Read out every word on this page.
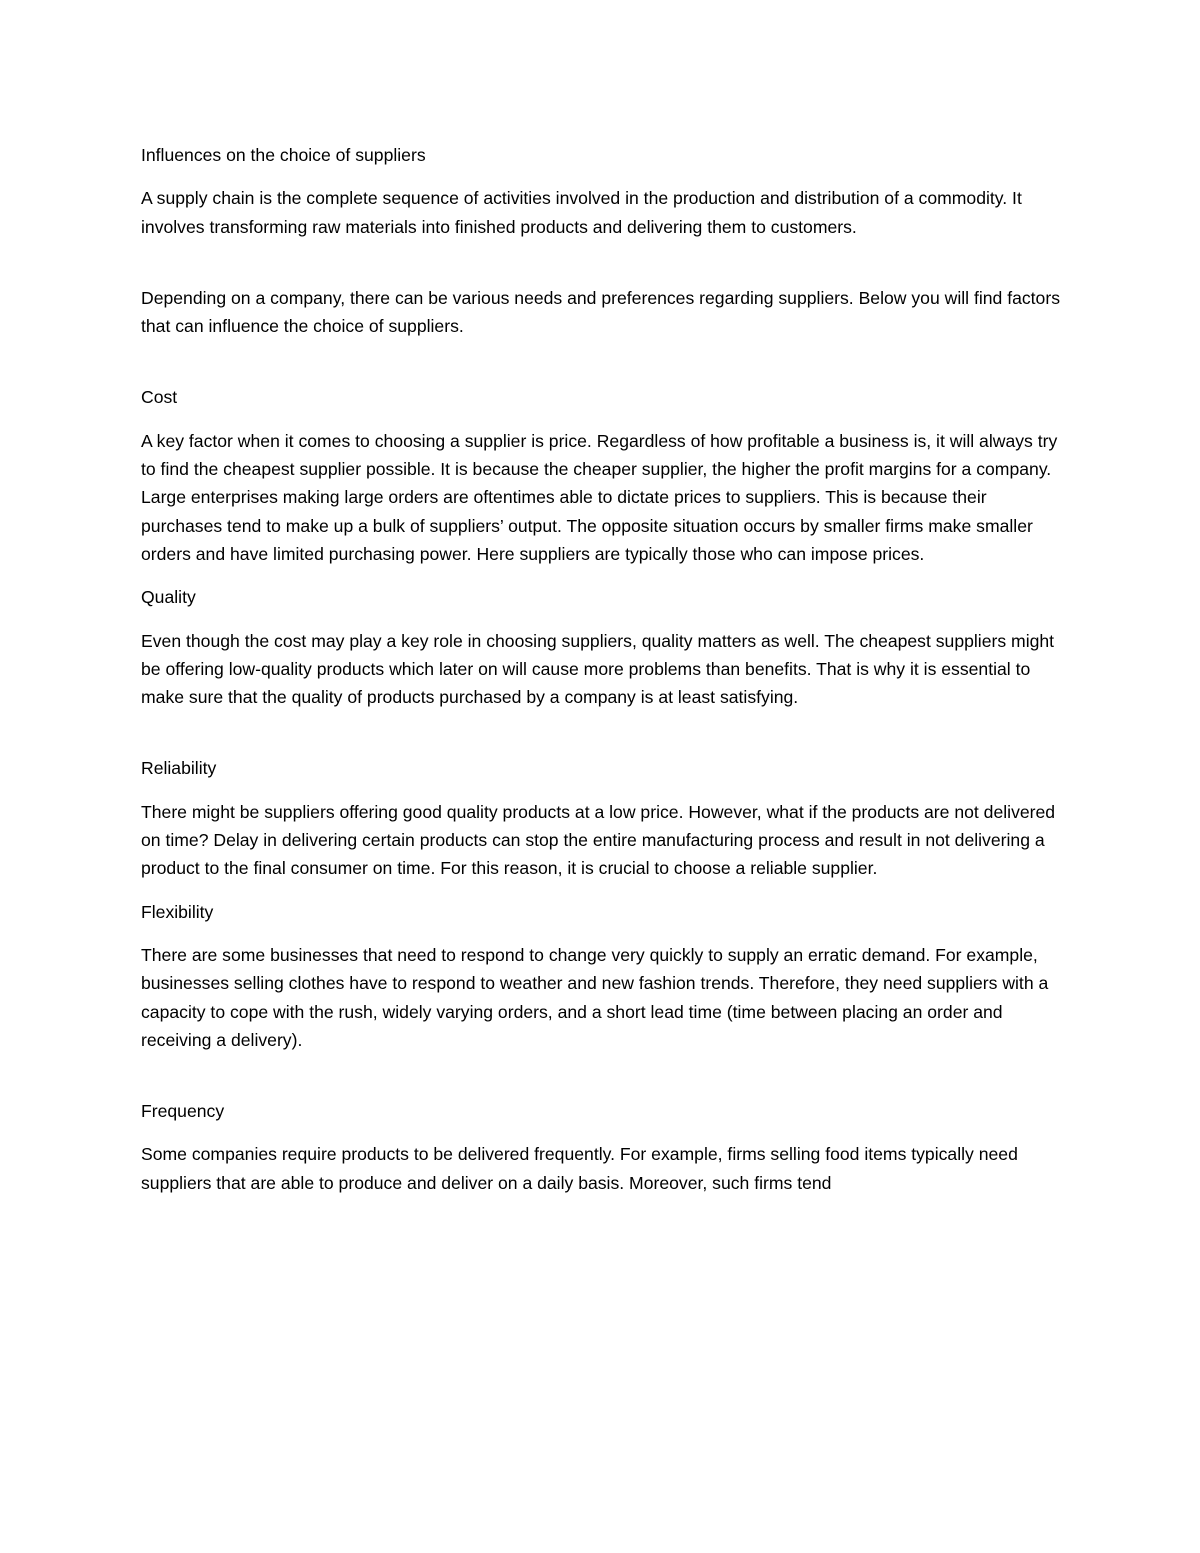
Influences on the choice of suppliers

A supply chain is the complete sequence of activities involved in the production and distribution of a commodity. It involves transforming raw materials into finished products and delivering them to customers.

Depending on a company, there can be various needs and preferences regarding suppliers. Below you will find factors that can influence the choice of suppliers.

Cost

A key factor when it comes to choosing a supplier is price. Regardless of how profitable a business is, it will always try to find the cheapest supplier possible. It is because the cheaper supplier, the higher the profit margins for a company. Large enterprises making large orders are oftentimes able to dictate prices to suppliers. This is because their purchases tend to make up a bulk of suppliers’ output. The opposite situation occurs by smaller firms make smaller orders and have limited purchasing power. Here suppliers are typically those who can impose prices.

Quality

Even though the cost may play a key role in choosing suppliers, quality matters as well. The cheapest suppliers might be offering low-quality products which later on will cause more problems than benefits. That is why it is essential to make sure that the quality of products purchased by a company is at least satisfying.

Reliability

There might be suppliers offering good quality products at a low price. However, what if the products are not delivered on time? Delay in delivering certain products can stop the entire manufacturing process and result in not delivering a product to the final consumer on time. For this reason, it is crucial to choose a reliable supplier.

Flexibility

There are some businesses that need to respond to change very quickly to supply an erratic demand. For example, businesses selling clothes have to respond to weather and new fashion trends. Therefore, they need suppliers with a capacity to cope with the rush, widely varying orders, and a short lead time (time between placing an order and receiving a delivery).

Frequency

Some companies require products to be delivered frequently. For example, firms selling food items typically need suppliers that are able to produce and deliver on a daily basis. Moreover, such firms tend
